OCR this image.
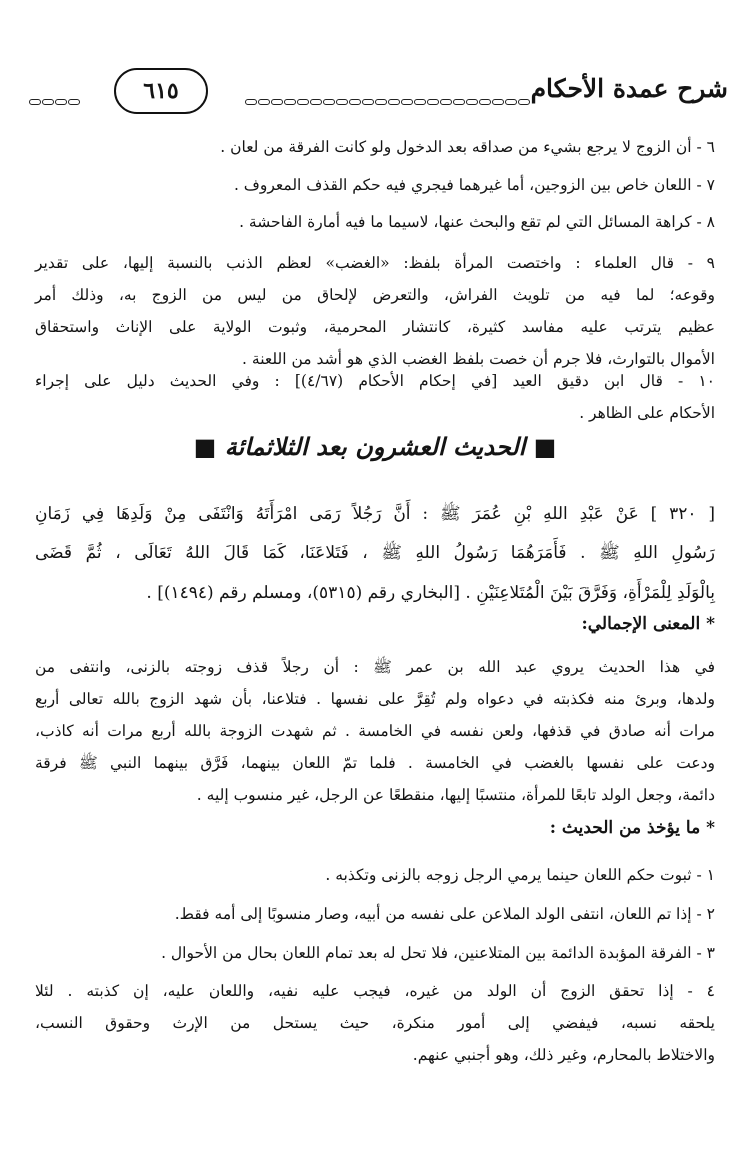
شرح عمدة الأحكام
٦١٥
٦ - أن الزوج لا يرجع بشيء من صداقه بعد الدخول ولو كانت الفرقة من لعان .
٧ - اللعان خاص بين الزوجين، أما غيرهما فيجري فيه حكم القذف المعروف .
٨ - كراهة المسائل التي لم تقع والبحث عنها، لاسيما ما فيه أمارة الفاحشة .
٩ - قال العلماء : واختصت المرأة بلفظ: «الغضب» لعظم الذنب بالنسبة إليها، على تقدير
وقوعه؛ لما فيه من تلويث الفراش، والتعرض لإلحاق من ليس من الزوج به، وذلك أمر
عظيم يترتب عليه مفاسد كثيرة، كانتشار المحرمية، وثبوت الولاية على الإناث واستحقاق
الأموال بالتوارث، فلا جرم أن خصت بلفظ الغضب الذي هو أشد من اللعنة .
١٠ - قال ابن دقيق العيد [في إحكام الأحكام (٤/٦٧)] : وفي الحديث دليل على إجراء
الأحكام على الظاهر .
■ الحديث العشرون بعد الثلاثمائة ■
[ ٣٢٠ ] عَنْ عَبْدِ اللهِ بْنِ عُمَرَ ﷺ : أَنَّ رَجُلاً رَمَى امْرَأَتَهُ وَانْتَفَى مِنْ وَلَدِهَا فِي زَمَانِ
رَسُولِ اللهِ ﷺ . فَأَمَرَهُمَا رَسُولُ اللهِ ﷺ ، فَتَلاعَنَا، كَمَا قَالَ اللهُ تَعَالَى ، ثُمَّ قَضَى
بِالْوَلَدِ لِلْمَرْأَةِ، وَفَرَّقَ بَيْنَ الْمُتَلاعِنَيْنِ . [البخاري رقم (٥٣١٥)، ومسلم رقم (١٤٩٤)] .
* المعنى الإجمالي:
في هذا الحديث يروي عبد الله بن عمر ﷺ : أن رجلاً قذف زوجته بالزنى، وانتفى من
ولدها، وبرئ منه فكذبته في دعواه ولم تُقِرَّ على نفسها . فتلاعنا، بأن شهد الزوج بالله تعالى أربع
مرات أنه صادق في قذفها، ولعن نفسه في الخامسة . ثم شهدت الزوجة بالله أربع مرات أنه كاذب،
ودعت على نفسها بالغضب في الخامسة . فلما تمّ اللعان بينهما، فَرَّق بينهما النبي ﷺ فرقة
دائمة، وجعل الولد تابعًا للمرأة، منتسبًا إليها، منقطعًا عن الرجل، غير منسوب إليه .
* ما يؤخذ من الحديث :
١ - ثبوت حكم اللعان حينما يرمي الرجل زوجه بالزنى وتكذبه .
٢ - إذا تم اللعان، انتفى الولد الملاعن على نفسه من أبيه، وصار منسوبًا إلى أمه فقط.
٣ - الفرقة المؤبدة الدائمة بين المتلاعنين، فلا تحل له بعد تمام اللعان بحال من الأحوال .
٤ - إذا تحقق الزوج أن الولد من غيره، فيجب عليه نفيه، واللعان عليه، إن كذبته . لئلا
يلحقه نسبه، فيفضي إلى أمور منكرة، حيث يستحل من الإرث وحقوق النسب،
والاختلاط بالمحارم، وغير ذلك، وهو أجنبي عنهم.
